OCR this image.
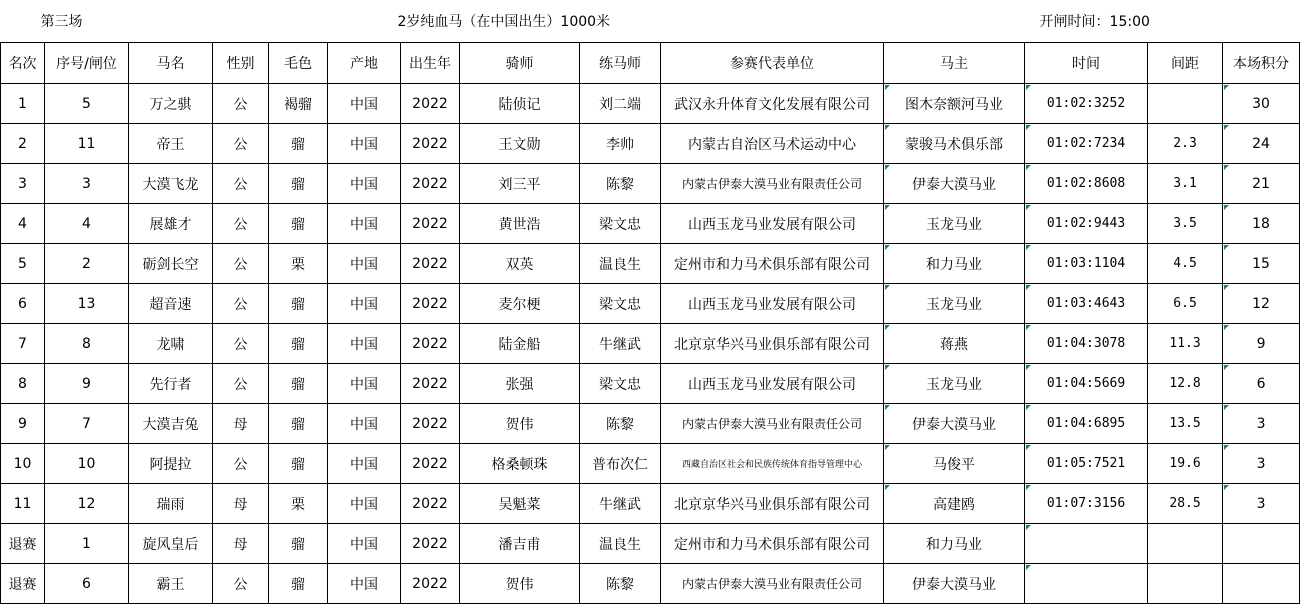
第三场		2岁纯血马（在中国出生）1000米									开闸时间：15:00		
名次	序号/闸位	马名	性别	毛色	产地	出生年	骑师	练马师	参赛代表单位	马主	时间	间距	本场积分
1	5	万之骐	公	褐骝	中国	2022	陆侦记	刘二端	武汉永升体育文化发展有限公司	图木奈额河马业	01:02:3252		30
2	11	帝王	公	骝	中国	2022	王文勋	李帅	内蒙古自治区马术运动中心	蒙骏马术俱乐部	01:02:7234	2.3	24
3	3	大漠飞龙	公	骝	中国	2022	刘三平	陈黎	内蒙古伊泰大漠马业有限责任公司	伊泰大漠马业	01:02:8608	3.1	21
4	4	展雄才	公	骝	中国	2022	黄世浩	梁文忠	山西玉龙马业发展有限公司	玉龙马业	01:02:9443	3.5	18
5	2	砺剑长空	公	栗	中国	2022	双英	温良生	定州市和力马术俱乐部有限公司	和力马业	01:03:1104	4.5	15
6	13	超音速	公	骝	中国	2022	麦尔梗	梁文忠	山西玉龙马业发展有限公司	玉龙马业	01:03:4643	6.5	12
7	8	龙啸	公	骝	中国	2022	陆金船	牛继武	北京京华兴马业俱乐部有限公司	蒋燕	01:04:3078	11.3	9
8	9	先行者	公	骝	中国	2022	张强	梁文忠	山西玉龙马业发展有限公司	玉龙马业	01:04:5669	12.8	6
9	7	大漠吉兔	母	骝	中国	2022	贺伟	陈黎	内蒙古伊泰大漠马业有限责任公司	伊泰大漠马业	01:04:6895	13.5	3
10	10	阿提拉	公	骝	中国	2022	格桑顿珠	普布次仁	西藏自治区社会和民族传统体育指导管理中心	马俊平	01:05:7521	19.6	3
11	12	瑞雨	母	栗	中国	2022	吴魁菜	牛继武	北京京华兴马业俱乐部有限公司	高建鸥	01:07:3156	28.5	3
退赛	1	旋风皇后	母	骝	中国	2022	潘吉甫	温良生	定州市和力马术俱乐部有限公司	和力马业			
退赛	6	霸王	公	骝	中国	2022	贺伟	陈黎	内蒙古伊泰大漠马业有限责任公司	伊泰大漠马业			
